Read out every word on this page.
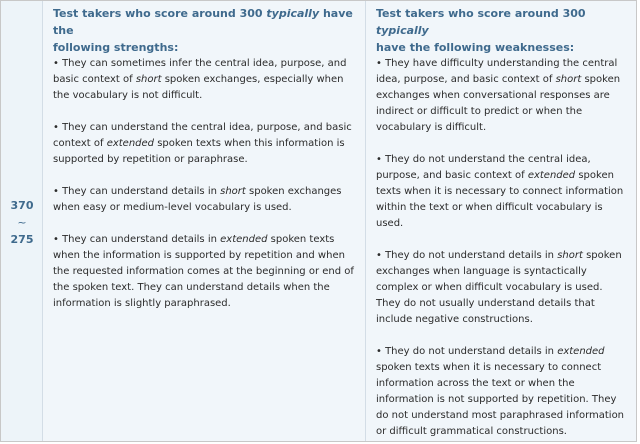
370
~
275
Test takers who score around 300 typically have the
following strengths:
• They can sometimes infer the central idea, purpose, and basic context of short spoken exchanges, especially when the vocabulary is not difficult.
• They can understand the central idea, purpose, and basic context of extended spoken texts when this information is supported by repetition or paraphrase.
• They can understand details in short spoken exchanges when easy or medium-level vocabulary is used.
• They can understand details in extended spoken texts when the information is supported by repetition and when the requested information comes at the beginning or end of the spoken text. They can understand details when the information is slightly paraphrased.
Test takers who score around 300 typically
have the following weaknesses:
• They have difficulty understanding the central idea, purpose, and basic context of short spoken exchanges when conversational responses are indirect or difficult to predict or when the vocabulary is difficult.
• They do not understand the central idea, purpose, and basic context of extended spoken texts when it is necessary to connect information within the text or when difficult vocabulary is used.
• They do not understand details in short spoken exchanges when language is syntactically complex or when difficult vocabulary is used. They do not usually understand details that include negative constructions.
• They do not understand details in extended spoken texts when it is necessary to connect information across the text or when the information is not supported by repetition. They do not understand most paraphrased information or difficult grammatical constructions.
